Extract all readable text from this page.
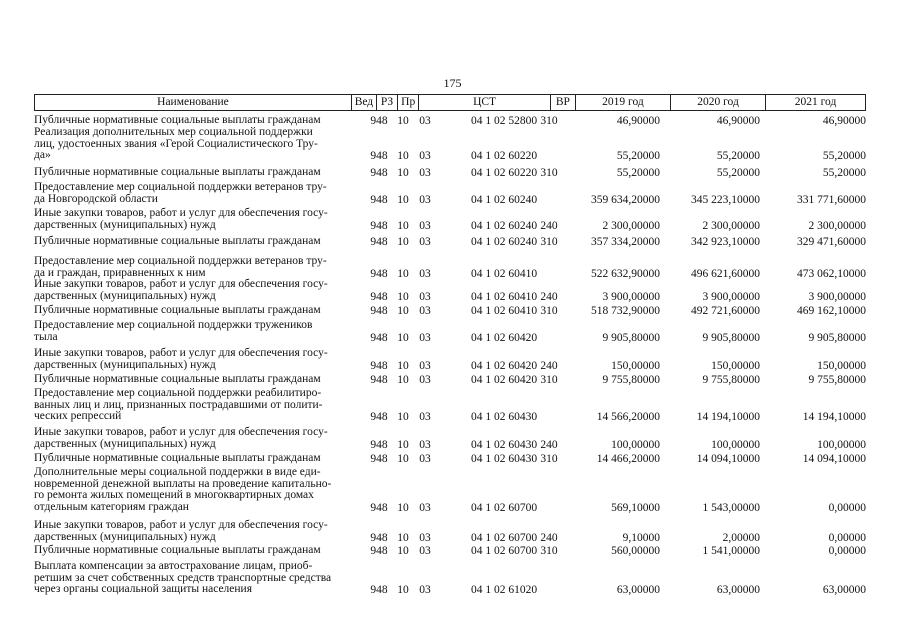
175
Наименование	Вед РЗ Пр	ЦСТ	ВР	2019 год	2020 год	2021 год
Публичные нормативные социальные выплаты гражданам	948 10 03	04 1 02 52800 310	46,90000	46,90000	46,90000
Реализация дополнительных мер социальной поддержки
лиц, удостоенных звания «Герой Социалистического Тру-
да»	948 10 03	04 1 02 60220	55,20000	55,20000	55,20000
Публичные нормативные социальные выплаты гражданам	948 10 03	04 1 02 60220 310	55,20000	55,20000	55,20000
Предоставление мер социальной поддержки ветеранов тру-
да Новгородской области	948 10 03	04 1 02 60240	359 634,20000	345 223,10000	331 771,60000
Иные закупки товаров, работ и услуг для обеспечения госу-
дарственных (муниципальных) нужд	948 10 03	04 1 02 60240 240	2 300,00000	2 300,00000	2 300,00000
Публичные нормативные социальные выплаты гражданам	948 10 03	04 1 02 60240 310	357 334,20000	342 923,10000	329 471,60000
Предоставление мер социальной поддержки ветеранов тру-
да и граждан, приравненных к ним	948 10 03	04 1 02 60410	522 632,90000	496 621,60000	473 062,10000
Иные закупки товаров, работ и услуг для обеспечения госу-
дарственных (муниципальных) нужд	948 10 03	04 1 02 60410 240	3 900,00000	3 900,00000	3 900,00000
Публичные нормативные социальные выплаты гражданам	948 10 03	04 1 02 60410 310	518 732,90000	492 721,60000	469 162,10000
Предоставление мер социальной поддержки тружеников
тыла	948 10 03	04 1 02 60420	9 905,80000	9 905,80000	9 905,80000
Иные закупки товаров, работ и услуг для обеспечения госу-
дарственных (муниципальных) нужд	948 10 03	04 1 02 60420 240	150,00000	150,00000	150,00000
Публичные нормативные социальные выплаты гражданам	948 10 03	04 1 02 60420 310	9 755,80000	9 755,80000	9 755,80000
Предоставление мер социальной поддержки реабилитиро-
ванных лиц и лиц, признанных пострадавшими от полити-
ческих репрессий	948 10 03	04 1 02 60430	14 566,20000	14 194,10000	14 194,10000
Иные закупки товаров, работ и услуг для обеспечения госу-
дарственных (муниципальных) нужд	948 10 03	04 1 02 60430 240	100,00000	100,00000	100,00000
Публичные нормативные социальные выплаты гражданам	948 10 03	04 1 02 60430 310	14 466,20000	14 094,10000	14 094,10000
Дополнительные меры социальной поддержки в виде еди-
новременной денежной выплаты на проведение капитально-
го ремонта жилых помещений в многоквартирных домах
отдельным категориям граждан	948 10 03	04 1 02 60700	569,10000	1 543,00000	0,00000
Иные закупки товаров, работ и услуг для обеспечения госу-
дарственных (муниципальных) нужд	948 10 03	04 1 02 60700 240	9,10000	2,00000	0,00000
Публичные нормативные социальные выплаты гражданам	948 10 03	04 1 02 60700 310	560,00000	1 541,00000	0,00000
Выплата компенсации за автострахование лицам, приоб-
ретшим за счет собственных средств транспортные средства
через органы социальной защиты населения	948 10 03	04 1 02 61020	63,00000	63,00000	63,00000
